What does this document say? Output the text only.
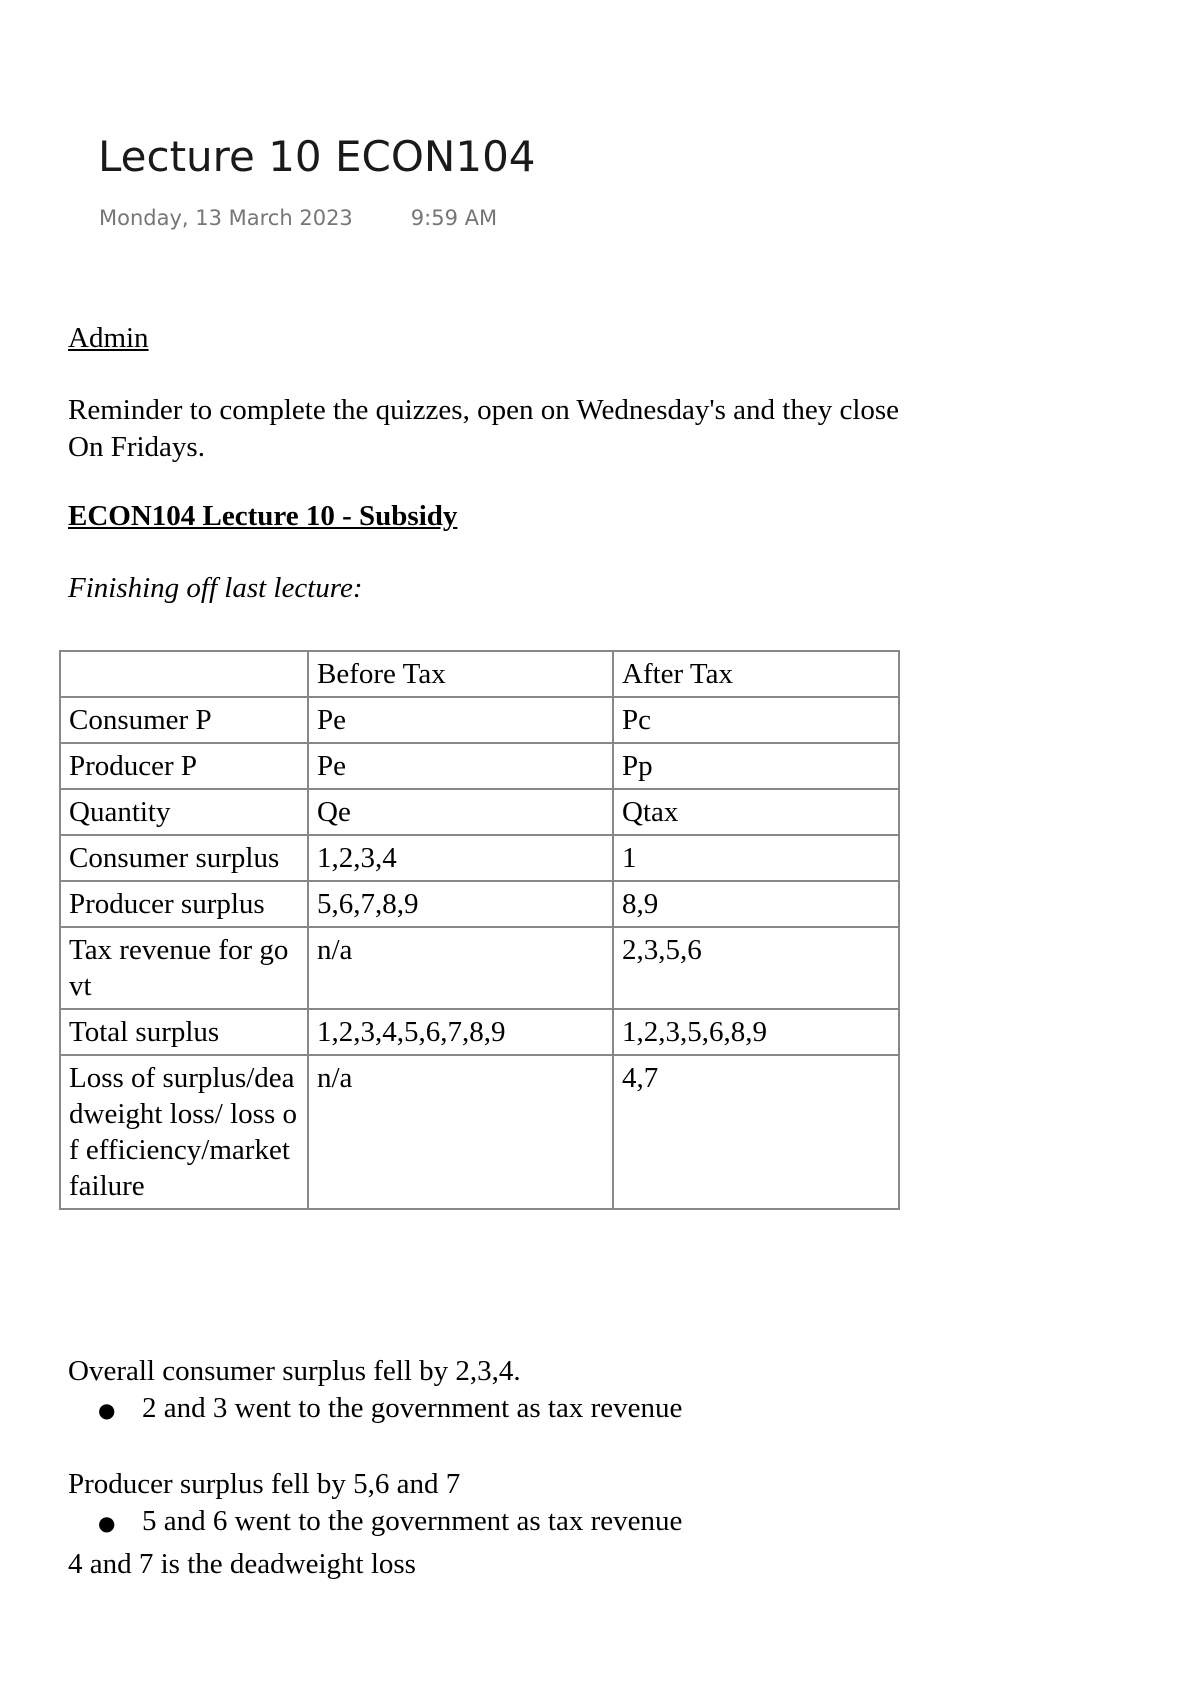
Lecture 10 ECON104
Monday, 13 March 2023	9:59 AM
Admin
Reminder to complete the quizzes, open on Wednesday's and they close
On Fridays.
ECON104 Lecture 10 - Subsidy
Finishing off last lecture:
	Before Tax	After Tax
Consumer P	Pe	Pc
Producer P	Pe	Pp
Quantity	Qe	Qtax
Consumer surplus	1,2,3,4	1
Producer surplus	5,6,7,8,9	8,9
Tax revenue for govt	n/a	2,3,5,6
Total surplus	1,2,3,4,5,6,7,8,9	1,2,3,5,6,8,9
Loss of surplus/deadweight loss/ loss of efficiency/market failure	n/a	4,7
Overall consumer surplus fell by 2,3,4.
● 2 and 3 went to the government as tax revenue
Producer surplus fell by 5,6 and 7
● 5 and 6 went to the government as tax revenue
4 and 7 is the deadweight loss
